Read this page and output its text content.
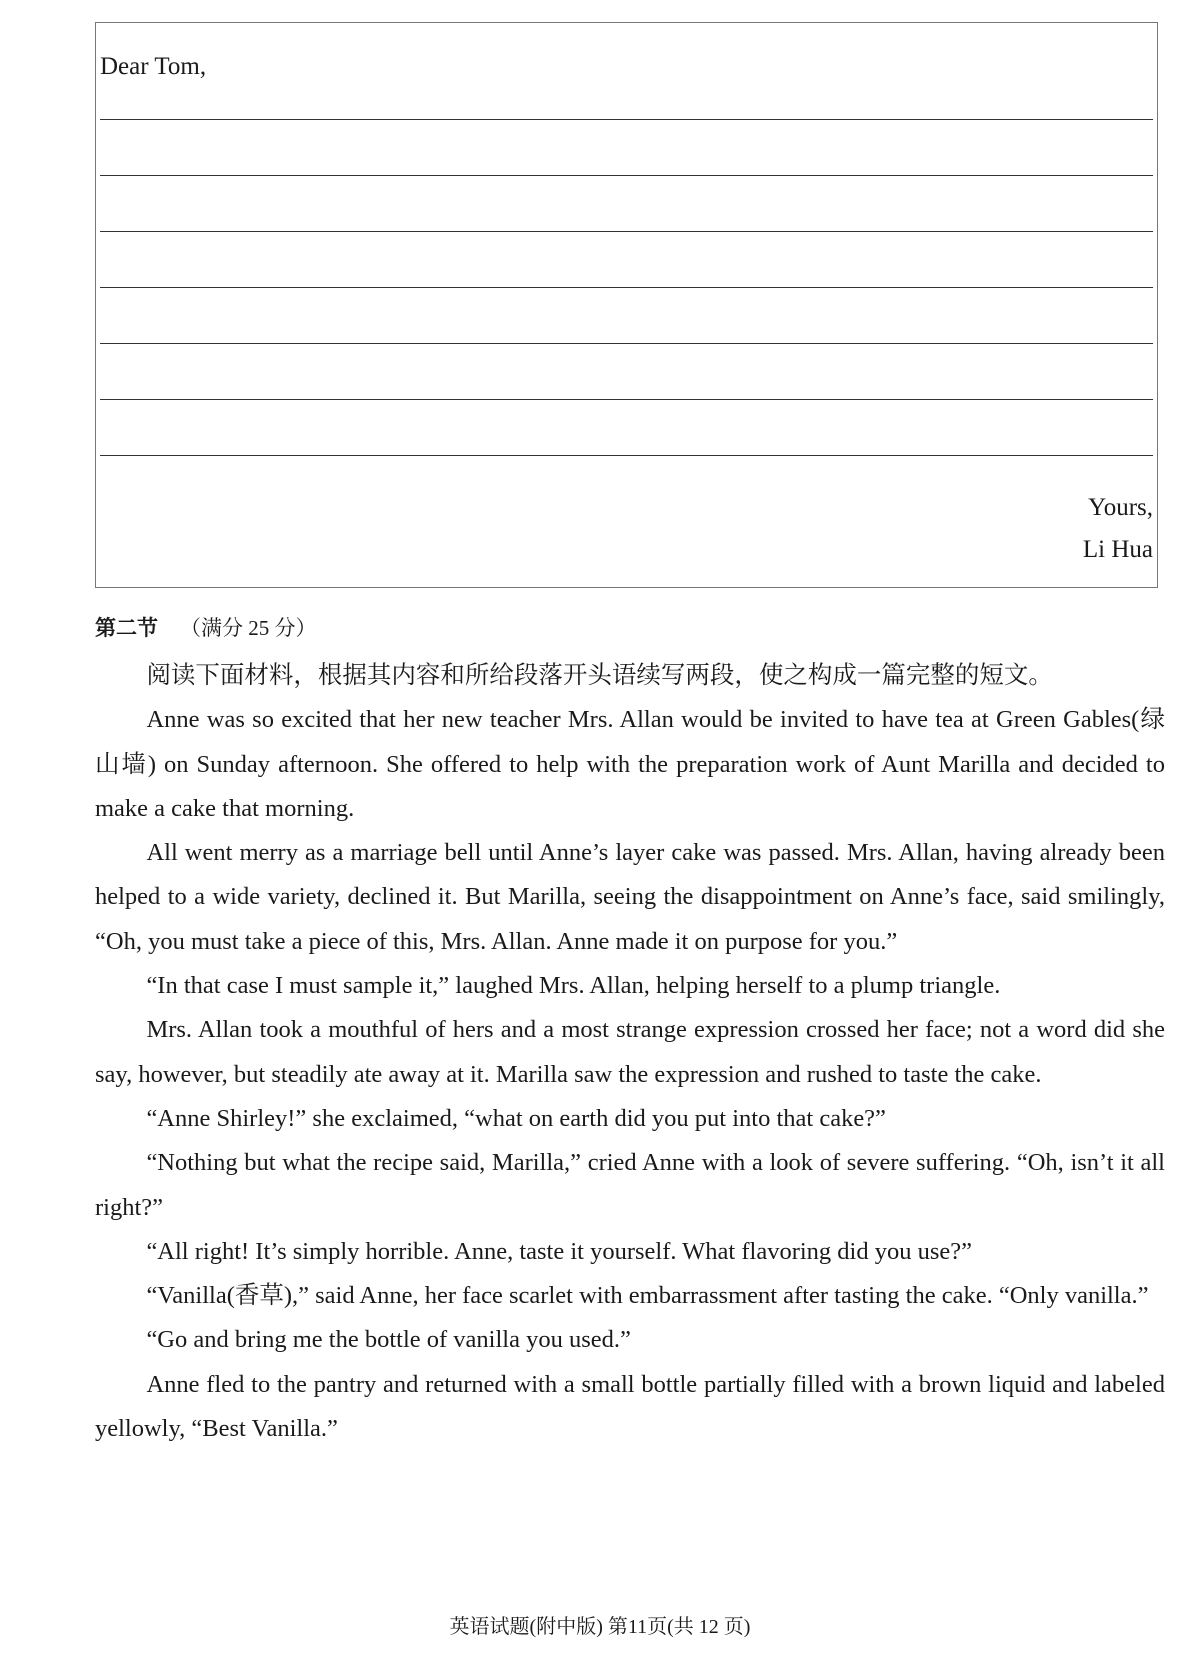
Dear Tom,
Yours,
Li Hua
第二节 （满分 25 分）

阅读下面材料，根据其内容和所给段落开头语续写两段，使之构成一篇完整的短文。

Anne was so excited that her new teacher Mrs. Allan would be invited to have tea at Green Gables(绿山墙) on Sunday afternoon. She offered to help with the preparation work of Aunt Marilla and decided to make a cake that morning.

All went merry as a marriage bell until Anne’s layer cake was passed. Mrs. Allan, having already been helped to a wide variety, declined it. But Marilla, seeing the disappointment on Anne’s face, said smilingly, “Oh, you must take a piece of this, Mrs. Allan. Anne made it on purpose for you.”

“In that case I must sample it,” laughed Mrs. Allan, helping herself to a plump triangle.

Mrs. Allan took a mouthful of hers and a most strange expression crossed her face; not a word did she say, however, but steadily ate away at it. Marilla saw the expression and rushed to taste the cake.

“Anne Shirley!” she exclaimed, “what on earth did you put into that cake?”

“Nothing but what the recipe said, Marilla,” cried Anne with a look of severe suffering. “Oh, isn’t it all right?”

“All right! It’s simply horrible. Anne, taste it yourself. What flavoring did you use?”

“Vanilla(香草),” said Anne, her face scarlet with embarrassment after tasting the cake. “Only vanilla.”

“Go and bring me the bottle of vanilla you used.”

Anne fled to the pantry and returned with a small bottle partially filled with a brown liquid and labeled yellowly, “Best Vanilla.”

英语试题(附中版) 第11页(共 12 页)
